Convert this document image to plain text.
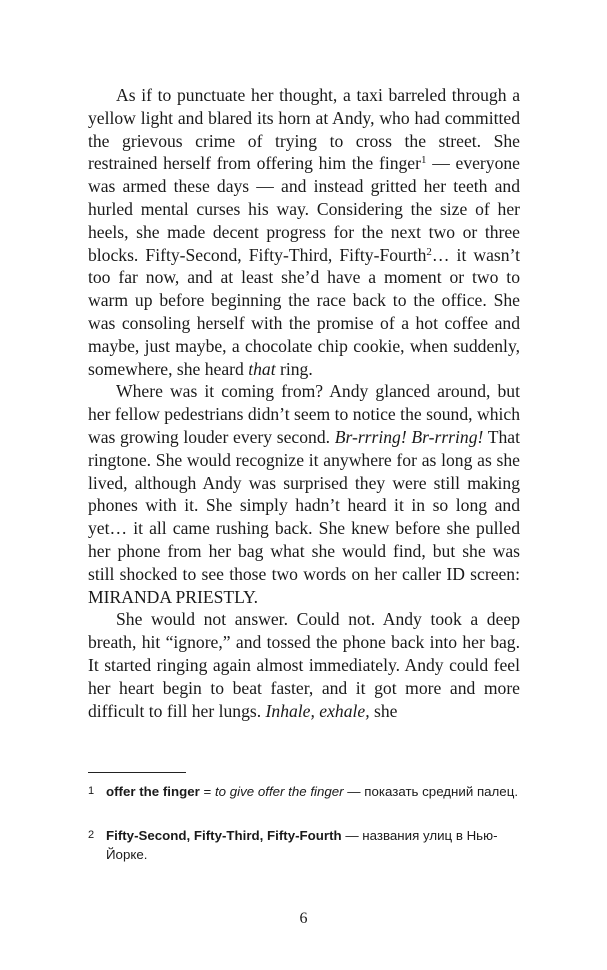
As if to punctuate her thought, a taxi barreled through a yellow light and blared its horn at Andy, who had committed the grievous crime of trying to cross the street. She restrained herself from offering him the finger$^1$ — everyone was armed these days — and instead gritted her teeth and hurled mental curses his way. Considering the size of her heels, she made decent progress for the next two or three blocks. Fifty-Second, Fifty-Third, Fifty-Fourth$^2$… it wasn’t too far now, and at least she’d have a moment or two to warm up before beginning the race back to the office. She was consoling herself with the promise of a hot coffee and maybe, just maybe, a chocolate chip cookie, when suddenly, somewhere, she heard that ring.

Where was it coming from? Andy glanced around, but her fellow pedestrians didn’t seem to notice the sound, which was growing louder every second. Br-rrring! Br-rrring! That ringtone. She would recognize it anywhere for as long as she lived, although Andy was surprised they were still making phones with it. She simply hadn’t heard it in so long and yet… it all came rushing back. She knew before she pulled her phone from her bag what she would find, but she was still shocked to see those two words on her caller ID screen: MIRANDA PRIESTLY.

She would not answer. Could not. Andy took a deep breath, hit “ignore,” and tossed the phone back into her bag. It started ringing again almost immediately. Andy could feel her heart begin to beat faster, and it got more and more difficult to fill her lungs. Inhale, exhale, she

1 offer the finger = to give offer the finger — показать средний палец.
2 Fifty-Second, Fifty-Third, Fifty-Fourth — названия улиц в Нью-Йорке.
6
